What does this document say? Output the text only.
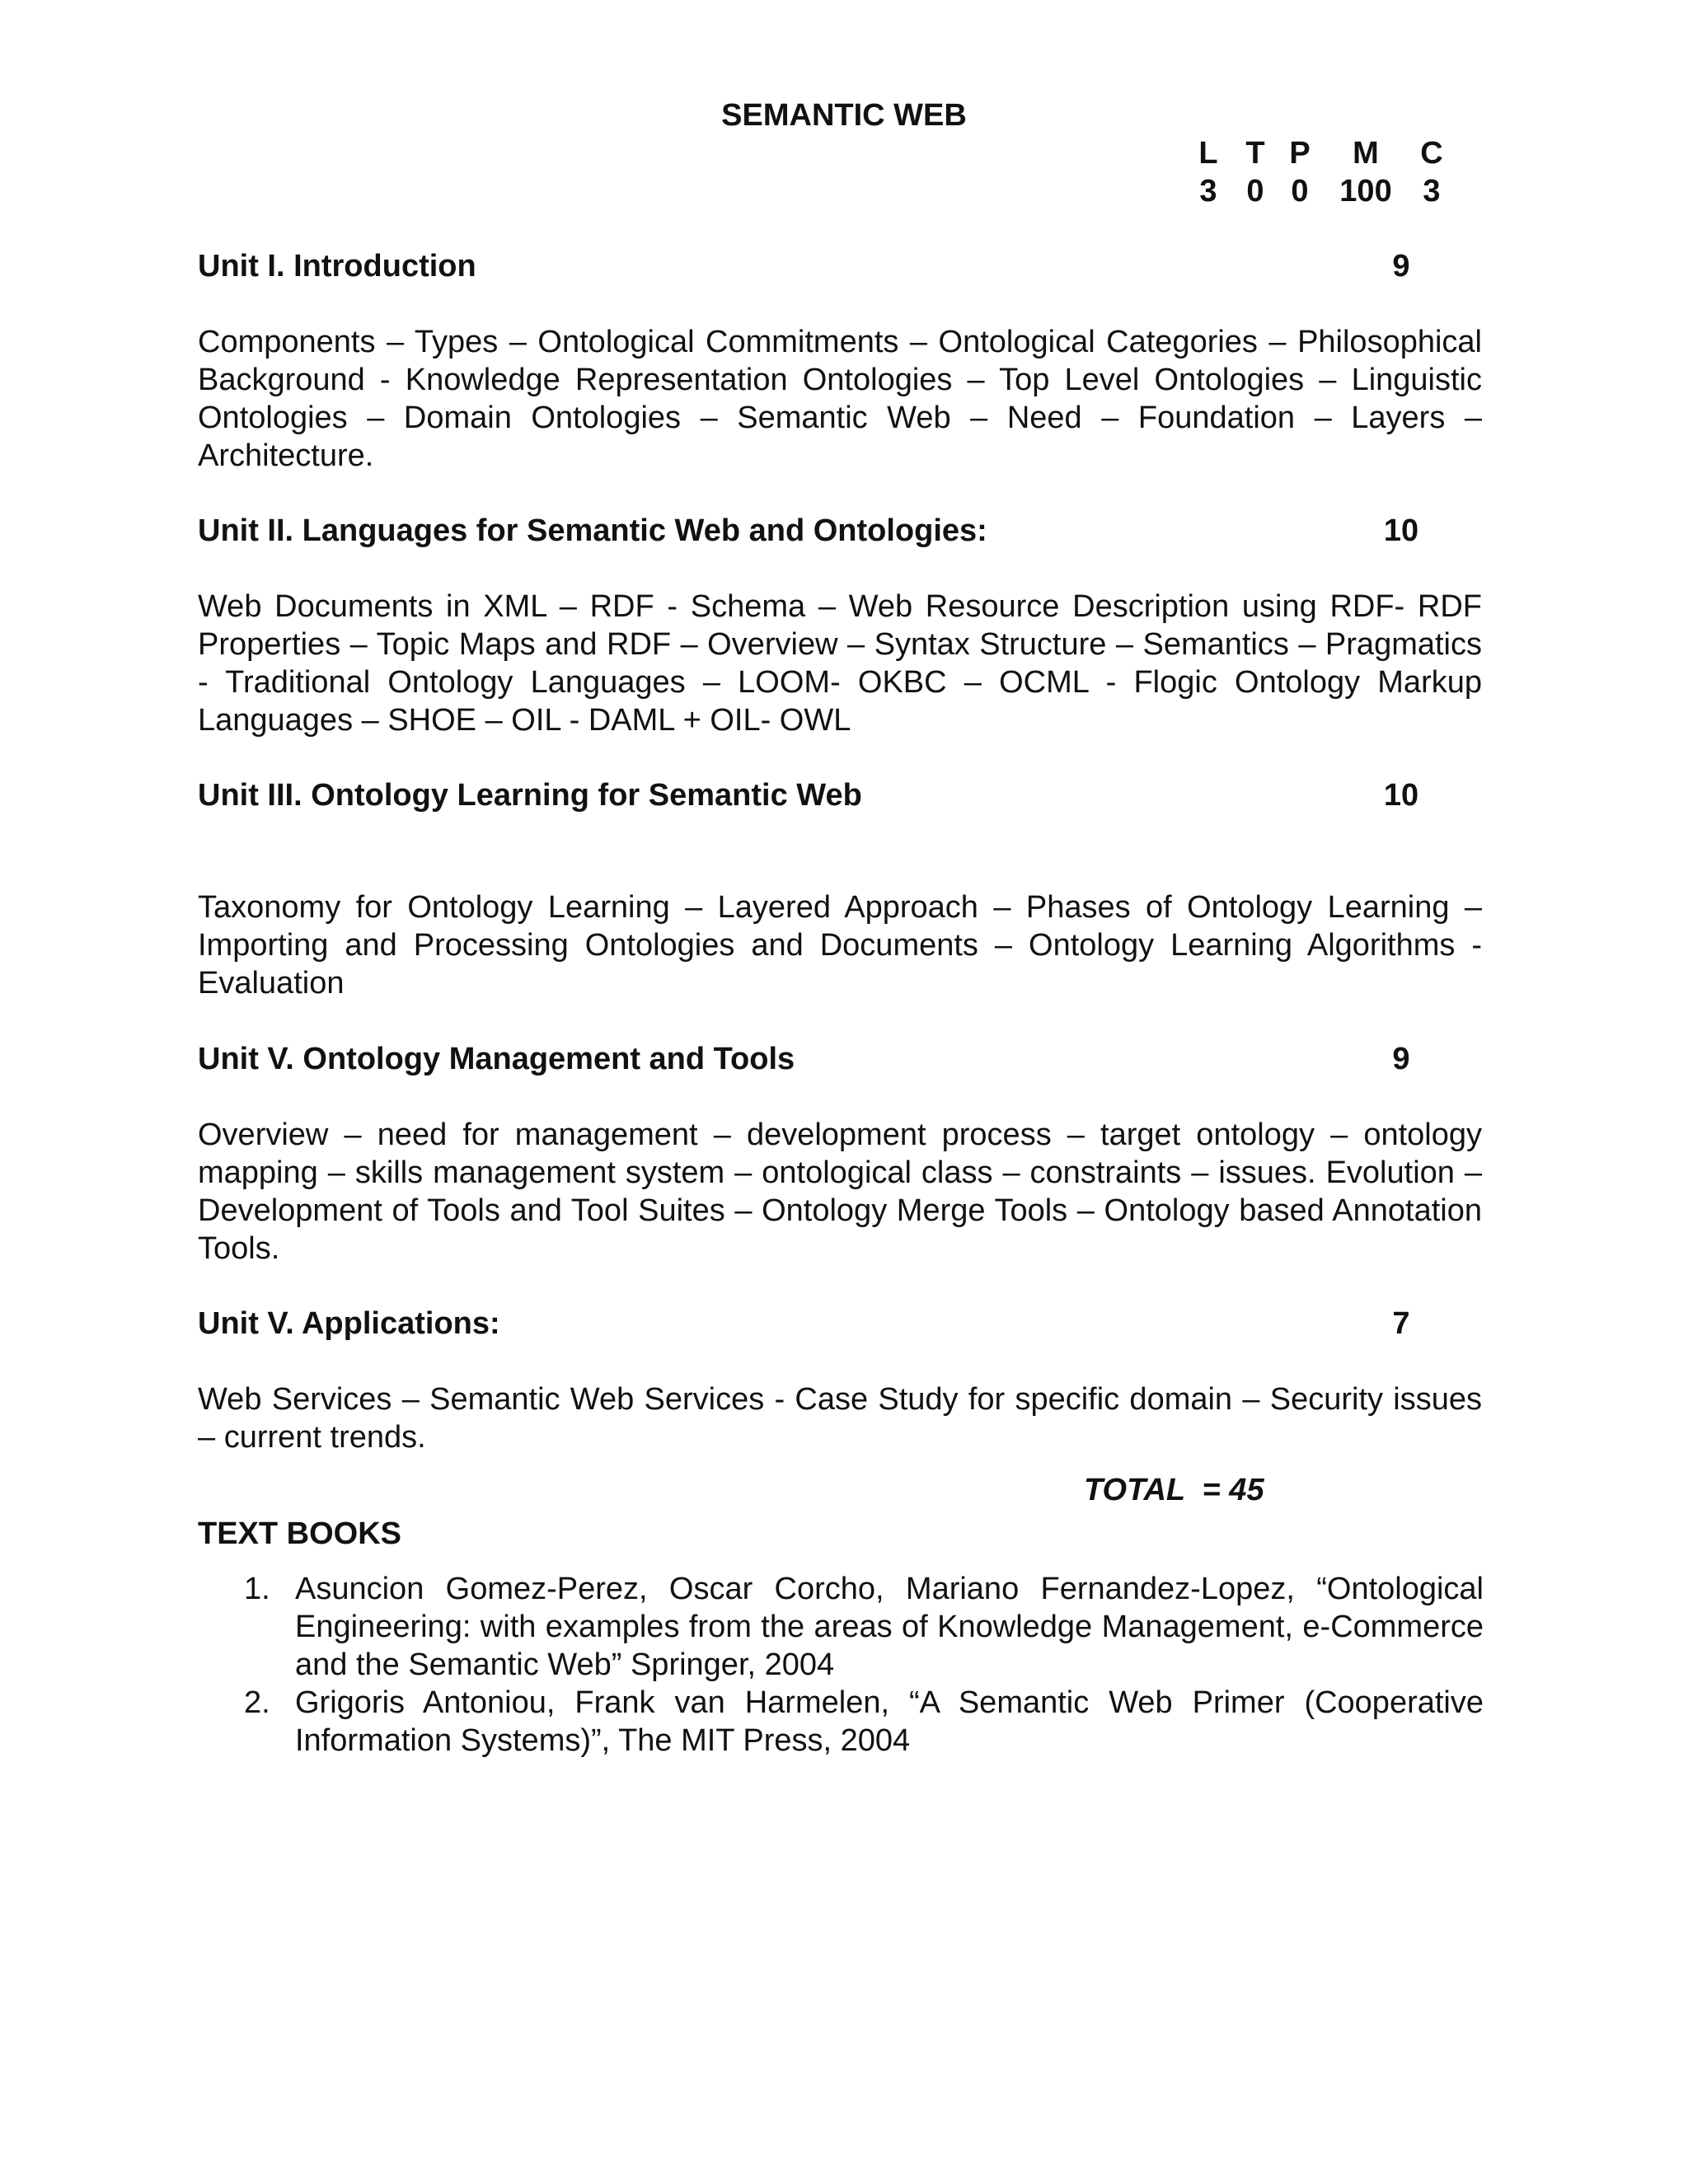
SEMANTIC WEB
L T P	M	C
3 0 0 100 3
Unit I. Introduction	9
Components – Types – Ontological Commitments – Ontological Categories – Philosophical Background - Knowledge Representation Ontologies – Top Level Ontologies – Linguistic Ontologies – Domain Ontologies – Semantic Web – Need – Foundation – Layers – Architecture.
Unit II. Languages for Semantic Web and Ontologies:	10
Web Documents in XML – RDF - Schema – Web Resource Description using RDF- RDF Properties – Topic Maps and RDF – Overview – Syntax Structure – Semantics – Pragmatics - Traditional Ontology Languages – LOOM- OKBC – OCML - Flogic Ontology Markup Languages – SHOE – OIL - DAML + OIL- OWL
Unit III. Ontology Learning for Semantic Web	10
Taxonomy for Ontology Learning – Layered Approach – Phases of Ontology Learning – Importing and Processing Ontologies and Documents – Ontology Learning Algorithms - Evaluation
Unit V. Ontology Management and Tools	9
Overview – need for management – development process – target ontology – ontology mapping – skills management system – ontological class – constraints – issues. Evolution – Development of Tools and Tool Suites – Ontology Merge Tools – Ontology based Annotation Tools.
Unit V. Applications:	7
Web Services – Semantic Web Services - Case Study for specific domain – Security issues – current trends.
TOTAL  = 45
TEXT BOOKS
1. Asuncion Gomez-Perez, Oscar Corcho, Mariano Fernandez-Lopez, “Ontological Engineering: with examples from the areas of Knowledge Management, e-Commerce and the Semantic Web” Springer, 2004
2. Grigoris Antoniou, Frank van Harmelen, “A Semantic Web Primer (Cooperative Information Systems)”, The MIT Press, 2004
